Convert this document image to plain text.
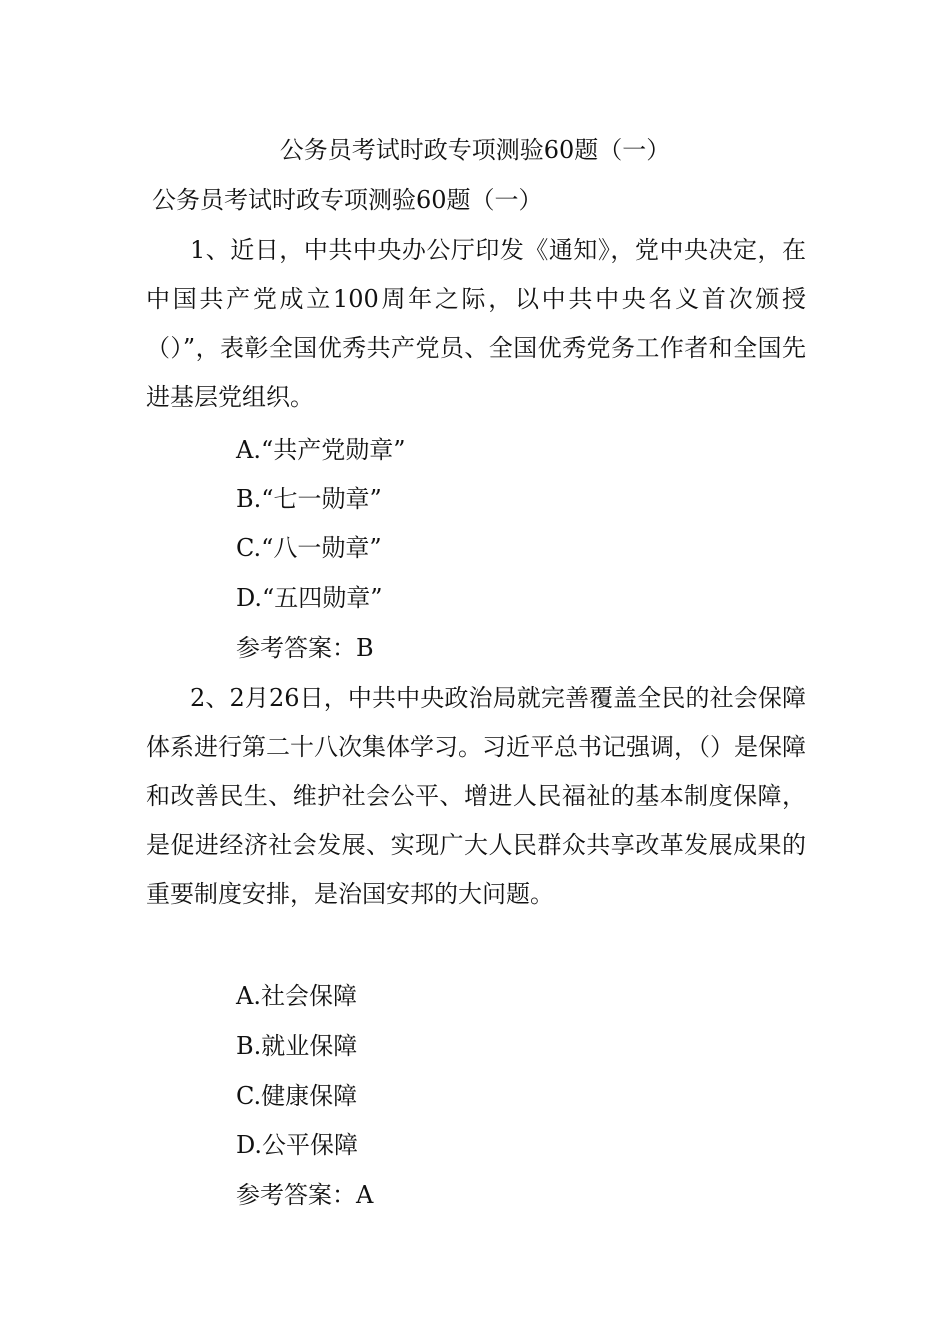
公务员考试时政专项测验60题（一）
公务员考试时政专项测验60题（一）
1、近日，中共中央办公厅印发《通知》，党中央决定，在中国共产党成立100周年之际，以中共中央名义首次颁授（）”，表彰全国优秀共产党员、全国优秀党务工作者和全国先进基层党组织。
A.“共产党勋章”
B.“七一勋章”
C.“八一勋章”
D.“五四勋章”
参考答案：B
2、2月26日，中共中央政治局就完善覆盖全民的社会保障体系进行第二十八次集体学习。习近平总书记强调，（）是保障和改善民生、维护社会公平、增进人民福祉的基本制度保障，是促进经济社会发展、实现广大人民群众共享改革发展成果的重要制度安排，是治国安邦的大问题。
A.社会保障
B.就业保障
C.健康保障
D.公平保障
参考答案：A
